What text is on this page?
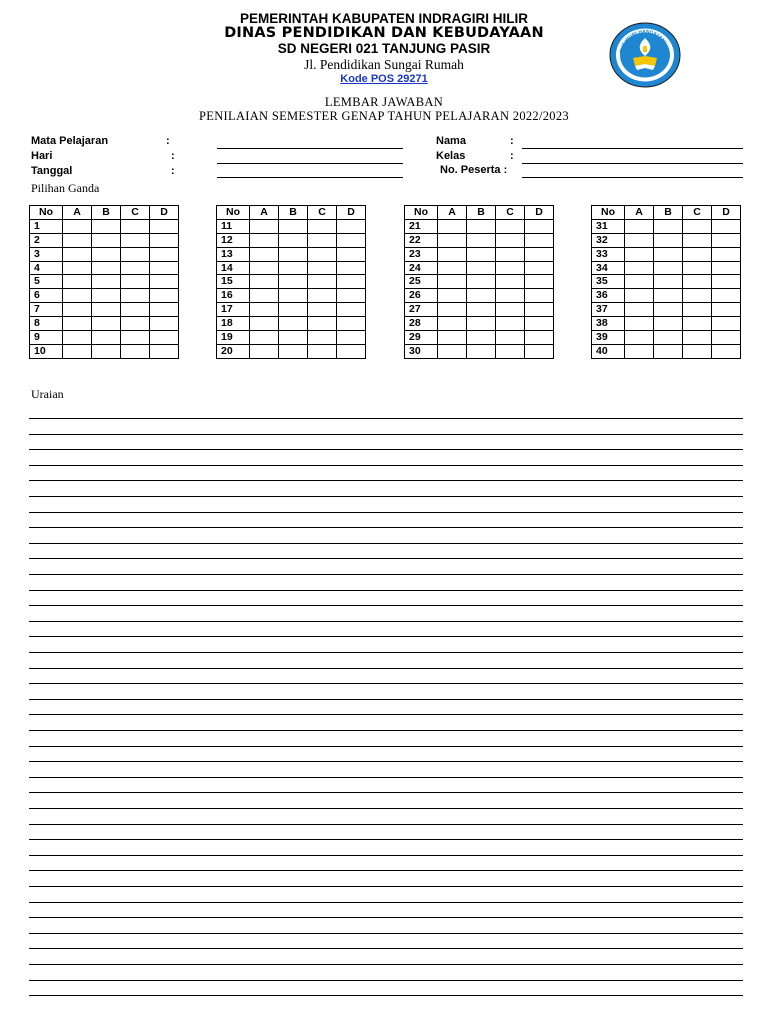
PEMERINTAH KABUPATEN INDRAGIRI HILIR
DINAS PENDIDIKAN DAN KEBUDAYAAN
SD NEGERI 021 TANJUNG PASIR
Jl. Pendidikan Sungai Rumah
Kode POS 29271
TUT WURI HANDAYANI
LEMBAR JAWABAN
PENILAIAN SEMESTER GENAP TAHUN PELAJARAN 2022/2023
Mata Pelajaran	:
Hari	:
Tanggal	:
Nama	:
Kelas	:
No. Peserta :
Pilihan Ganda
No	A	B	C	D
1				
2				
3				
4				
5				
6				
7				
8				
9				
10				
No	A	B	C	D
11				
12				
13				
14				
15				
16				
17				
18				
19				
20				
No	A	B	C	D
21				
22				
23				
24				
25				
26				
27				
28				
29				
30				
No	A	B	C	D
31				
32				
33				
34				
35				
36				
37				
38				
39				
40				
Uraian
